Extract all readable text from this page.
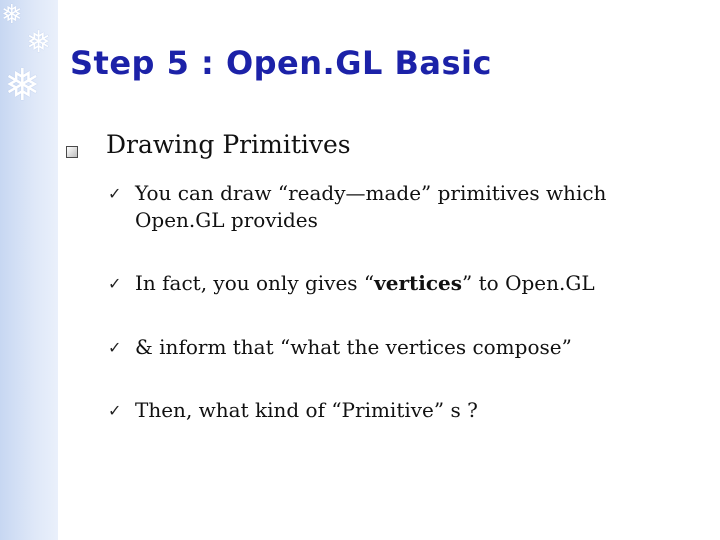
❅
❅
❅ Step 5 : Open.GL Basic
Drawing Primitives
✓ You can draw “ready—made” primitives which Open.GL provides
✓ In fact, you only gives “vertices” to Open.GL
✓ & inform that “what the vertices compose”
✓ Then, what kind of “Primitive” s ?
